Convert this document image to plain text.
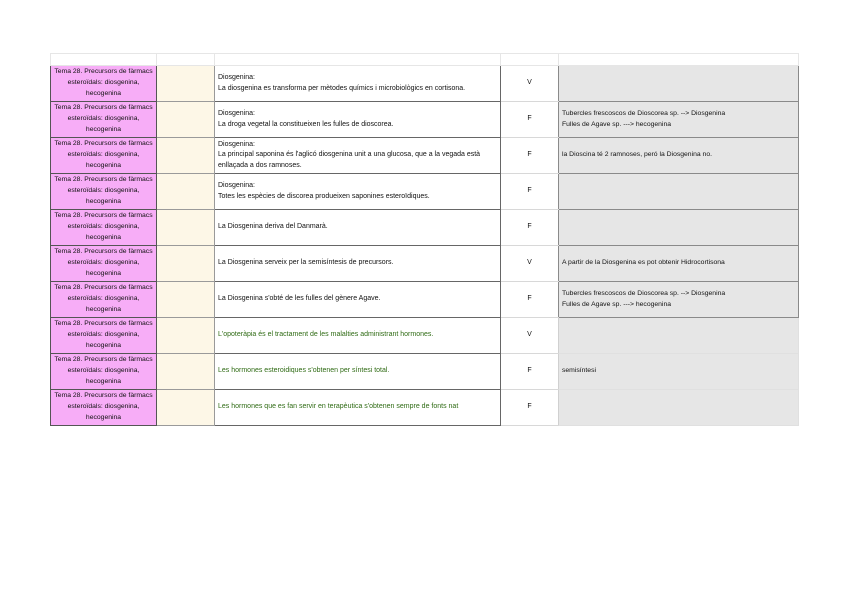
Tema 28. Precursors de fàrmacs esteroïdals: diosgenina, hecogenina		Diosgenina:
La diosgenina es transforma per mètodes químics i microbiològics en cortisona.	V	
Tema 28. Precursors de fàrmacs esteroïdals: diosgenina, hecogenina		Diosgenina:
La droga vegetal la constitueixen les fulles de dioscorea.	F	Tubercles frescoscos de Dioscorea sp. --> Diosgenina
Fulles de Agave sp. ---> hecogenina
Tema 28. Precursors de fàrmacs esteroïdals: diosgenina, hecogenina		Diosgenina:
La principal saponina és l'aglicó diosgenina unit a una glucosa, que a la vegada està enllaçada a dos ramnoses.	F	la Dioscina té 2 ramnoses, peró la Diosgenina no.
Tema 28. Precursors de fàrmacs esteroïdals: diosgenina, hecogenina		Diosgenina:
Totes les espècies de discorea produeixen saponines esteroïdiques.	F	
Tema 28. Precursors de fàrmacs esteroïdals: diosgenina, hecogenina		La Diosgenina deriva del Danmarà.	F	
Tema 28. Precursors de fàrmacs esteroïdals: diosgenina, hecogenina		La Diosgenina serveix per la semisíntesis de precursors.	V	A partir de la Diosgenina es pot obtenir Hidrocortisona
Tema 28. Precursors de fàrmacs esteroïdals: diosgenina, hecogenina		La Diosgenina s'obté de les fulles del gènere Agave.	F	Tubercles frescoscos de Dioscorea sp. --> Diosgenina
Fulles de Agave sp. ---> hecogenina
Tema 28. Precursors de fàrmacs esteroïdals: diosgenina, hecogenina		L'opoteràpia és el tractament de les malalties administrant hormones.	V	
Tema 28. Precursors de fàrmacs esteroïdals: diosgenina, hecogenina		Les hormones esteroidiques s'obtenen per síntesi total.	F	semisíntesi
Tema 28. Precursors de fàrmacs esteroïdals: diosgenina, hecogenina		Les hormones que es fan servir en terapèutica s'obtenen sempre de fonts nat	F	
